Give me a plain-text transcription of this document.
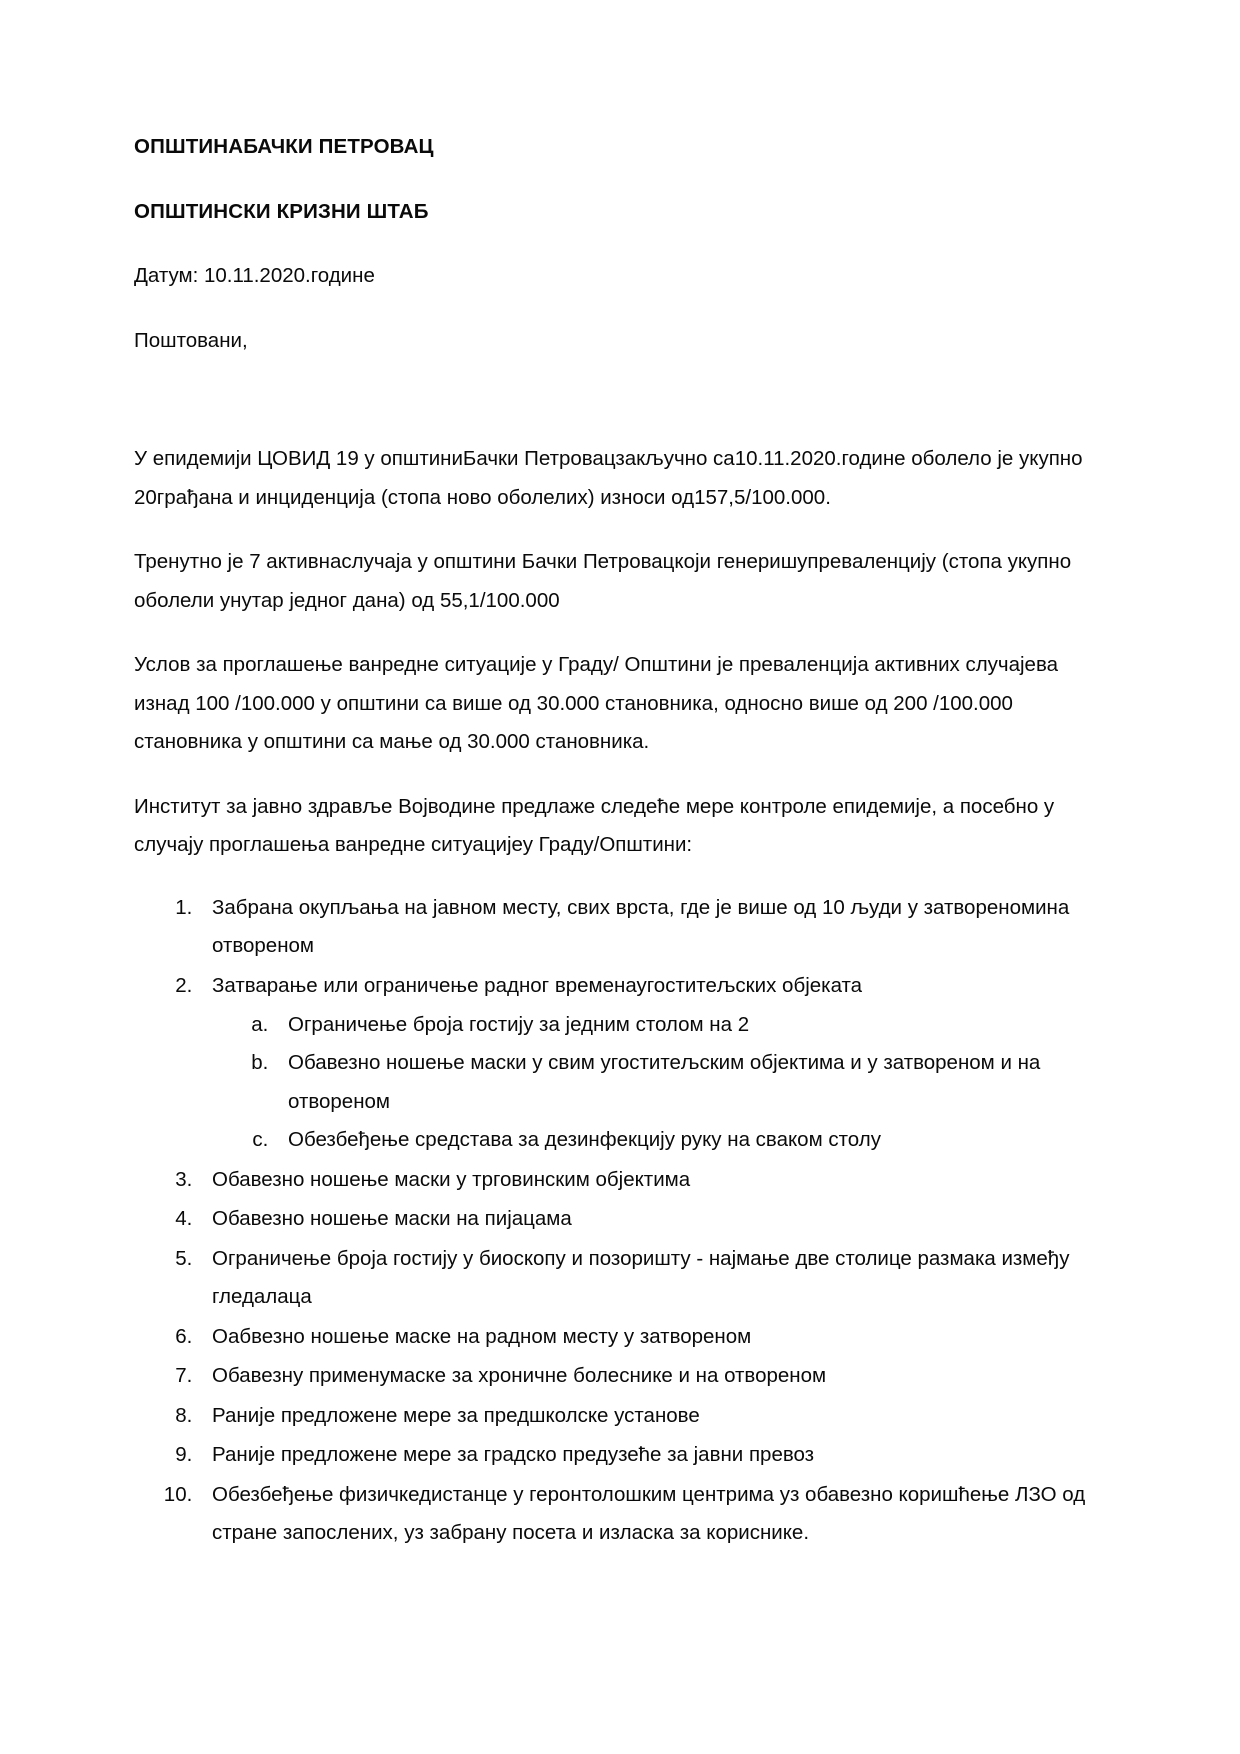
ОПШТИНАБАЧКИ ПЕТРОВАЦ
ОПШТИНСКИ КРИЗНИ ШТАБ

Датум: 10.11.2020.године

Поштовани,

У епидемији ЦОВИД 19 у општиниБачки Петровацзакључно са10.11.2020.године оболело је укупно 20грађана и инциденција (стопа ново оболелих) износи од157,5/100.000.

Тренутно је 7 активнаслучаја у општини Бачки Петровацкоји генеришупреваленцију (стопа укупно оболели унутар једног дана) од 55,1/100.000

Услов за проглашење ванредне ситуације у Граду/ Општини је преваленција активних случајева изнад 100 /100.000 у општини са више од 30.000 становника, односно више од 200 /100.000 становника у општини са мање од 30.000 становника.

Институт за јавно здравље Војводине предлаже следеће мере контроле епидемије, а посебно у случају проглашења ванредне ситуацијеу Граду/Општини:

1. Забрана окупљања на јавном месту, свих врста, где је више од 10 људи у затвореномина отвореном
2. Затварање или ограничење радног временаугоститељских објеката
a. Ограничење броја гостију за једним столом на 2
b. Обавезно ношење маски у свим угоститељским објектима и у затвореном и на отвореном
c. Обезбеђење средстава за дезинфекцију руку на сваком столу
3. Обавезно ношење маски у трговинским објектима
4. Обавезно ношење маски на пијацама
5. Ограничење броја гостију у биоскопу и позоришту - најмање две столице размака између гледалаца
6. Оабвезно ношење маске на радном месту у затвореном
7. Обавезну применумаске за хроничне болеснике и на отвореном
8. Раније предложене мере за предшколске установе
9. Раније предложене мере за градско предузеће за јавни превоз
10. Обезбеђење физичкедистанце у геронтолошким центрима уз обавезно коришћење ЛЗО од стране запослених, уз забрану посета и изласка за кориснике.
